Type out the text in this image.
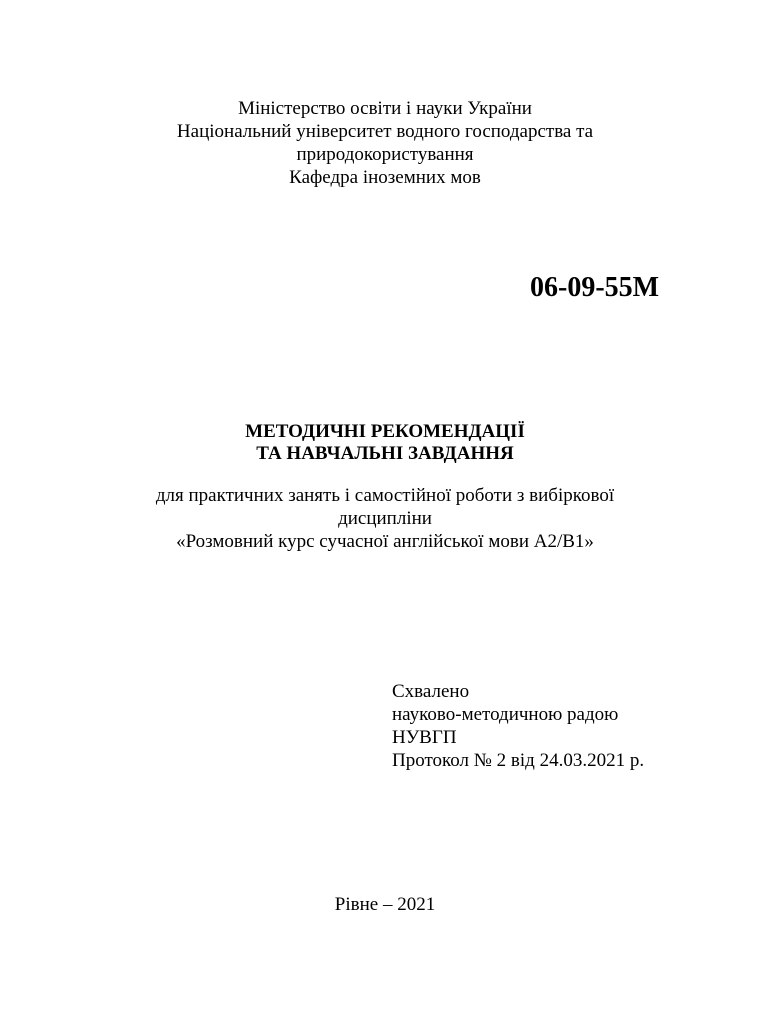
Міністерство освіти і науки України
Національний університет водного господарства та
природокористування
Кафедра іноземних мов
06-09-55М
МЕТОДИЧНІ РЕКОМЕНДАЦІЇ
ТА НАВЧАЛЬНІ ЗАВДАННЯ
для практичних занять і самостійної роботи з вибіркової
дисципліни
«Розмовний курс сучасної англійської мови А2/В1»
Схвалено
науково-методичною радою
НУВГП
Протокол № 2 від 24.03.2021 р.
Рівне – 2021
